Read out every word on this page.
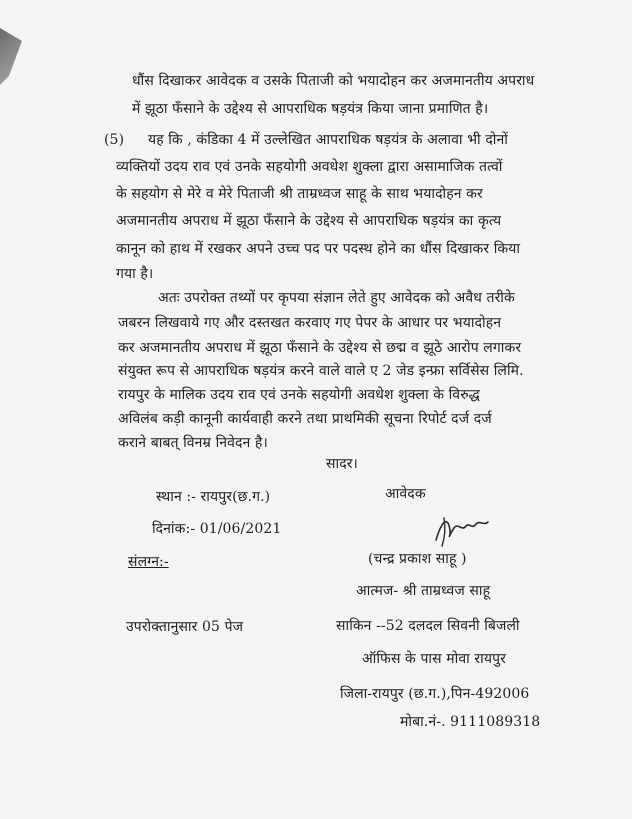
धौंस दिखाकर आवेदक व उसके पिताजी को भयादोहन कर अजमानतीय अपराध
में झूठा फँसाने के उद्देश्य से आपराधिक षड़यंत्र किया जाना प्रमाणित है।
(5) यह कि , कंडिका 4 में उल्लेखित आपराधिक षड़यंत्र के अलावा भी दोनों
व्यक्तियों उदय राव एवं उनके सहयोगी अवधेश शुक्ला द्वारा असामाजिक तत्वों
के सहयोग से मेरे व मेरे पिताजी श्री ताम्रध्वज साहू के साथ भयादोहन कर
अजमानतीय अपराध में झूठा फँसाने के उद्देश्य से आपराधिक षड़यंत्र का कृत्य
कानून को हाथ में रखकर अपने उच्च पद पर पदस्थ होने का धौंस दिखाकर किया
गया है।
अतः उपरोक्त तथ्यों पर कृपया संज्ञान लेते हुए आवेदक को अवैध तरीके
जबरन लिखवाये गए और दस्तखत करवाए गए पेपर के आधार पर भयादोहन
कर अजमानतीय अपराध में झूठा फँसाने के उद्देश्य से छद्म व झूठे आरोप लगाकर
संयुक्त रूप से आपराधिक षड़यंत्र करने वाले वाले ए 2 जेड इन्फ्रा सर्विसेस लिमि.
रायपुर के मालिक उदय राव एवं उनके सहयोगी अवधेश शुक्ला के विरुद्ध
अविलंब कड़ी कानूनी कार्यवाही करने तथा प्राथमिकी सूचना रिपोर्ट दर्ज दर्ज
कराने बाबत् विनम्र निवेदन है।
सादर।
स्थान :- रायपुर(छ.ग.)	आवेदक
दिनांक:- 01/06/2021
(चन्द्र प्रकाश साहू )
संलग्न:-
आत्मज- श्री ताम्रध्वज साहू
उपरोक्तानुसार 05 पेज	साकिन --52 दलदल सिवनी बिजली
ऑफिस के पास मोवा रायपुर
जिला-रायपुर (छ.ग.),पिन-492006
मोबा.नं-. 9111089318
